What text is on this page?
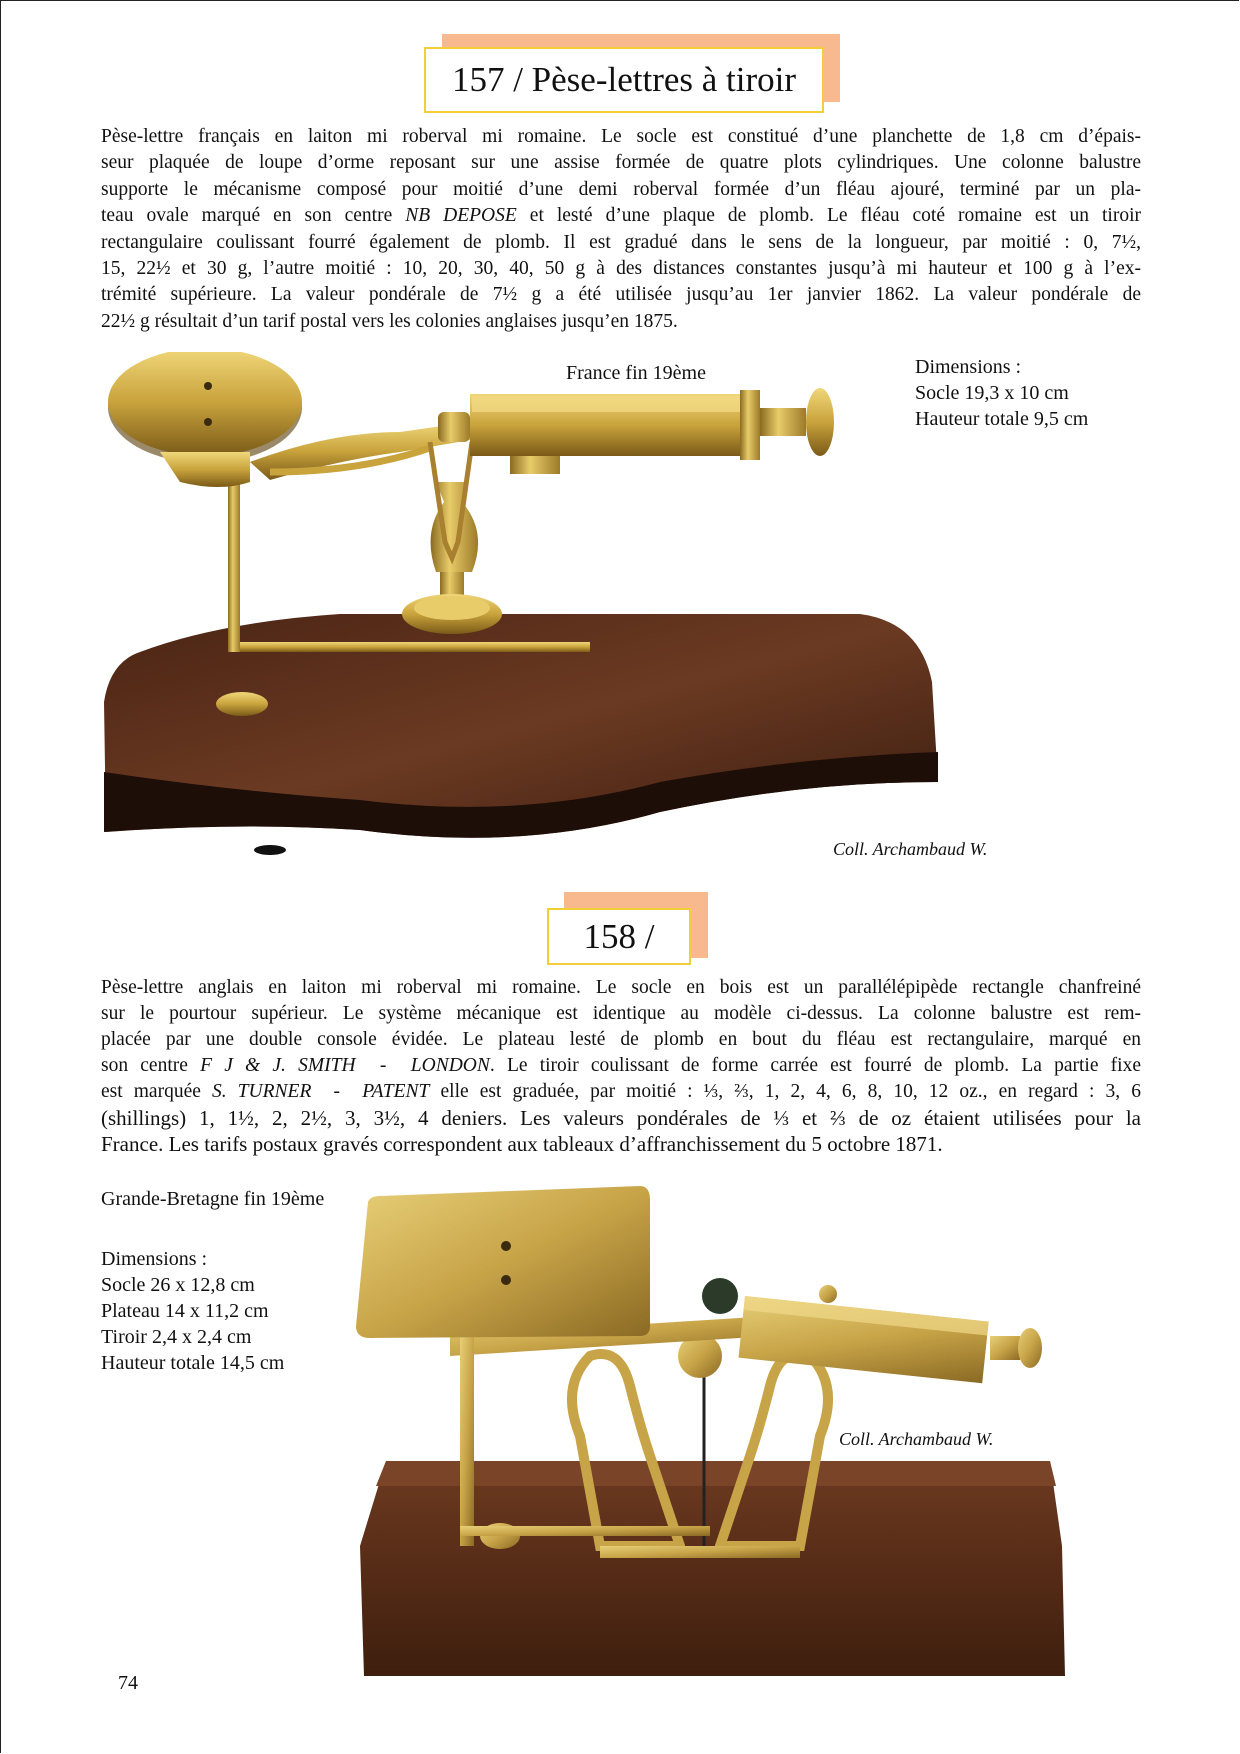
157 / Pèse-lettres à tiroir
Pèse-lettre français en laiton mi roberval mi romaine. Le socle est constitué d’une planchette de 1,8 cm d’épais-
seur plaquée de loupe d’orme reposant sur une assise formée de quatre plots cylindriques. Une colonne balustre
supporte le mécanisme composé pour moitié d’une demi roberval formée d’un fléau ajouré, terminé par un pla-
teau ovale marqué en son centre NB DEPOSE et lesté d’une plaque de plomb. Le fléau coté romaine est un tiroir
rectangulaire coulissant fourré également de plomb. Il est gradué dans le sens de la longueur, par moitié : 0, 7½,
15, 22½ et 30 g, l’autre moitié : 10, 20, 30, 40, 50 g à des distances constantes jusqu’à mi hauteur et 100 g à l’ex-
trémité supérieure. La valeur pondérale de 7½ g a été utilisée jusqu’au 1er janvier 1862. La valeur pondérale de
22½ g résultait d’un tarif postal vers les colonies anglaises jusqu’en 1875.
France fin 19ème	Dimensions :
Socle 19,3 x 10 cm
Hauteur totale 9,5 cm
Coll. Archambaud W.
158 /
Pèse-lettre anglais en laiton mi roberval mi romaine. Le socle en bois est un parallélépipède rectangle chanfreiné
sur le pourtour supérieur. Le système mécanique est identique au modèle ci-dessus. La colonne balustre est rem-
placée par une double console évidée. Le plateau lesté de plomb en bout du fléau est rectangulaire, marqué en
son centre F J & J. SMITH  -  LONDON. Le tiroir coulissant de forme carrée est fourré de plomb. La partie fixe
est marquée S. TURNER  -  PATENT elle est graduée, par moitié : ⅓, ⅔, 1, 2, 4, 6, 8, 10, 12 oz., en regard : 3, 6
(shillings) 1, 1½, 2, 2½, 3, 3½, 4 deniers. Les valeurs pondérales de ⅓ et ⅔ de oz étaient utilisées pour la
France. Les tarifs postaux gravés correspondent aux tableaux d’affranchissement du 5 octobre 1871.
Grande-Bretagne fin 19ème
Dimensions :
Socle 26 x 12,8 cm
Plateau 14 x 11,2 cm
Tiroir 2,4 x 2,4 cm
Hauteur totale 14,5 cm
Coll. Archambaud W.
74
